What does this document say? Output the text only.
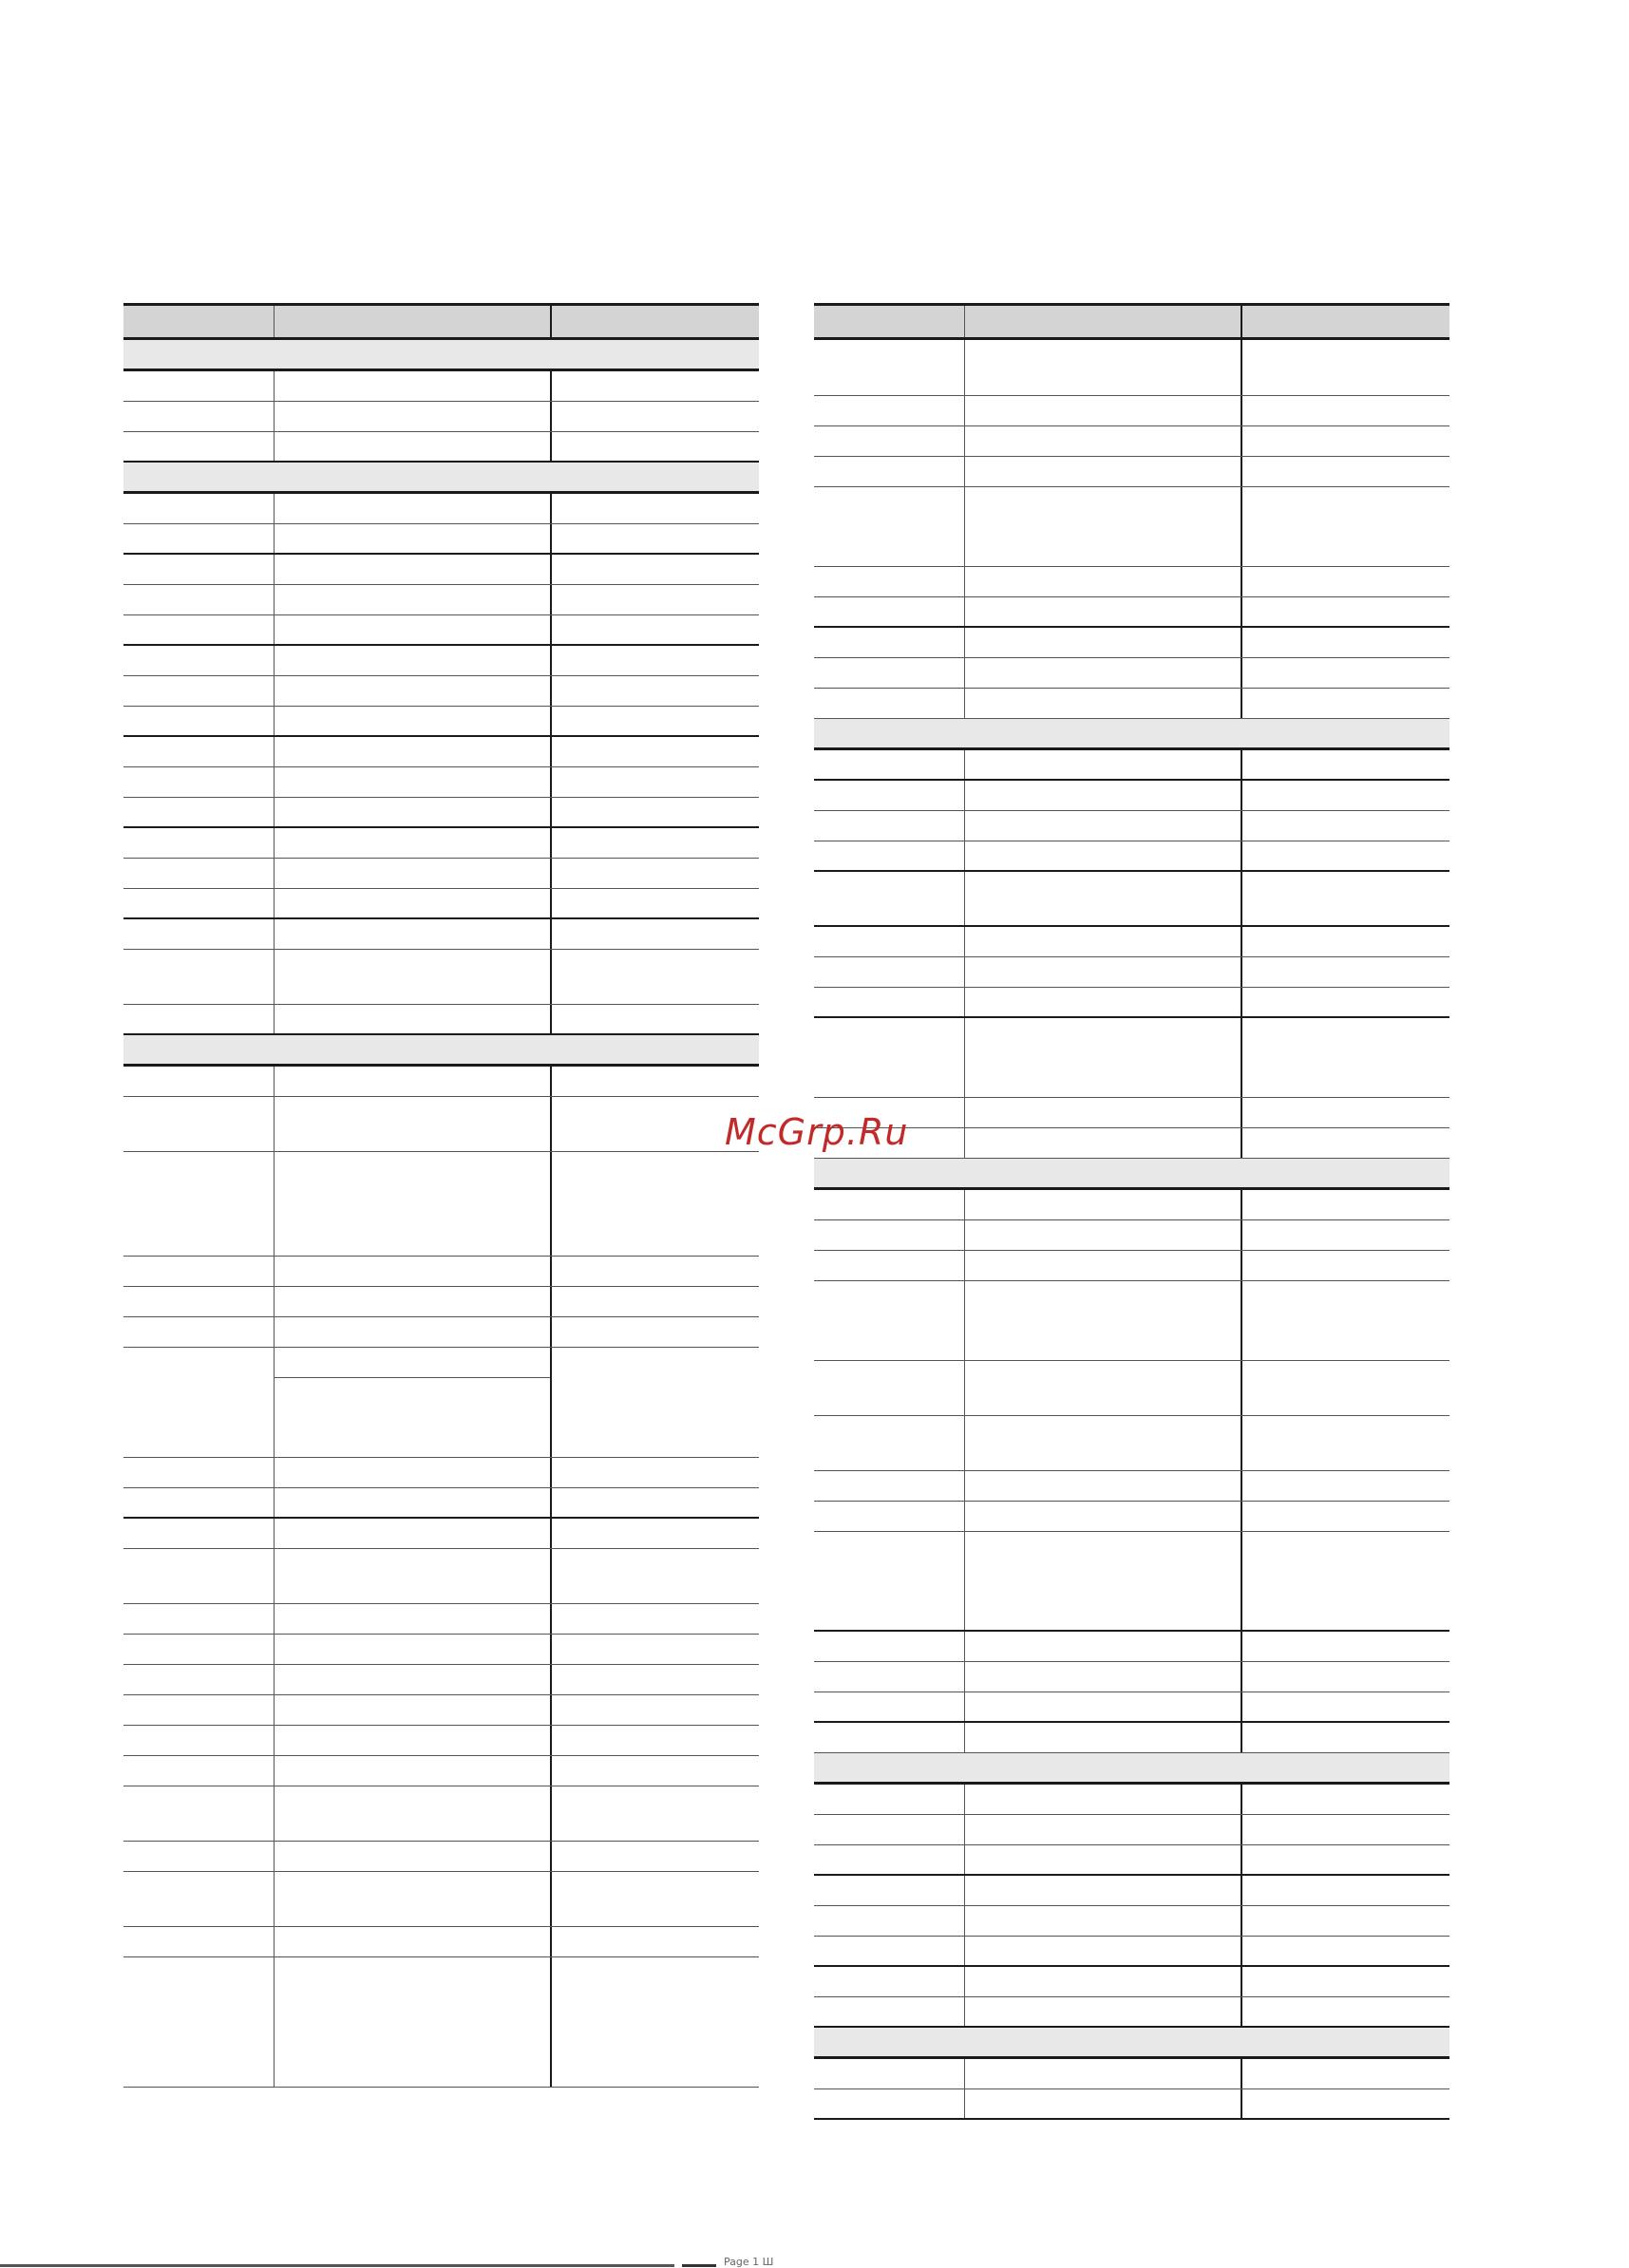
McGrp.Ru
Page 1 Ш
